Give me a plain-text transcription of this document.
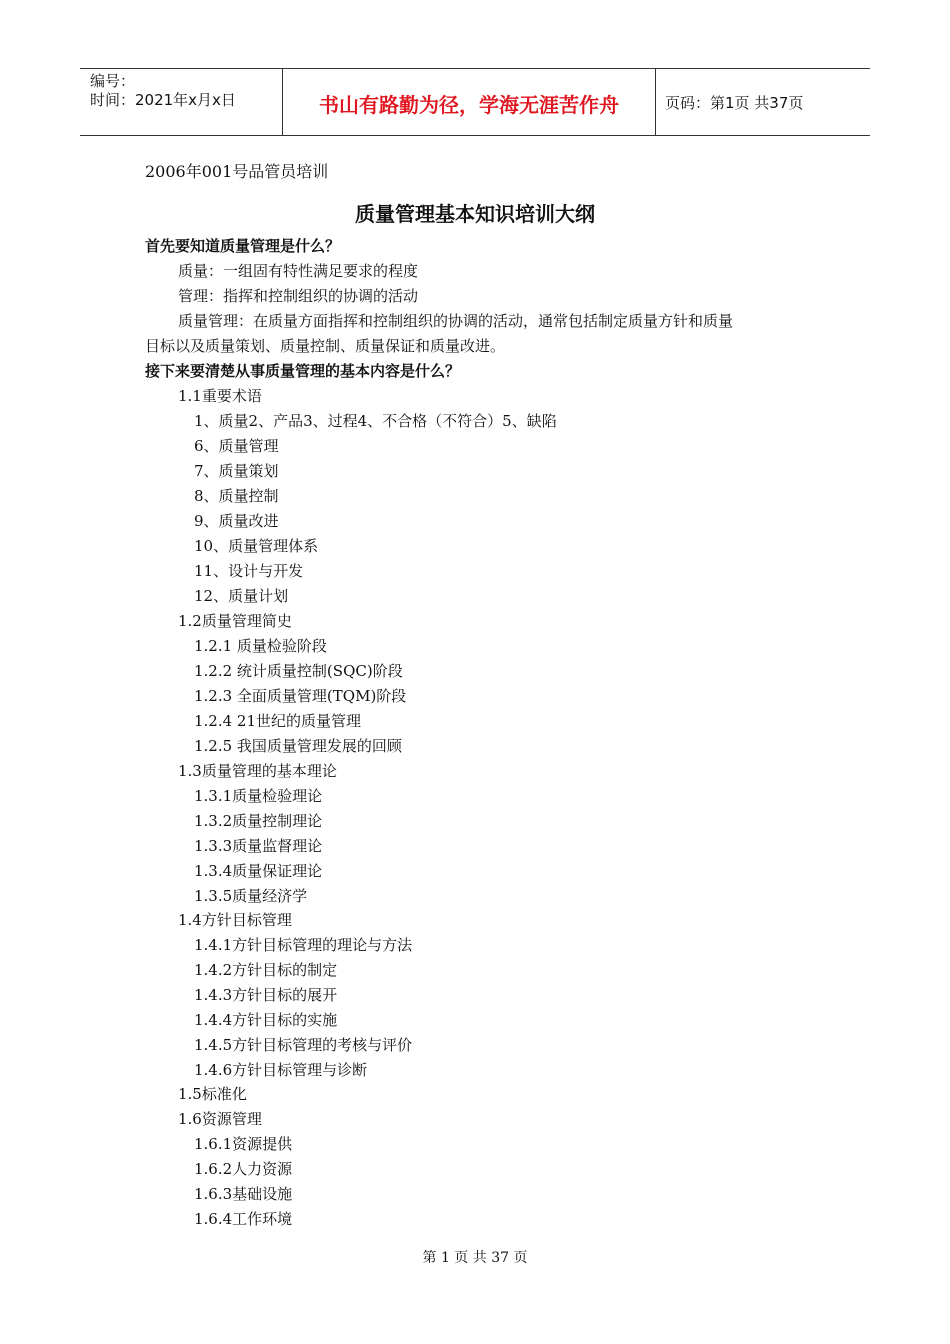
编号：
时间：2021年x月x日	书山有路勤为径，学海无涯苦作舟	页码：第1页 共37页
2006年001号品管员培训
质量管理基本知识培训大纲
首先要知道质量管理是什么？
质量：一组固有特性满足要求的程度
管理：指挥和控制组织的协调的活动
质量管理：在质量方面指挥和控制组织的协调的活动，通常包括制定质量方针和质量
目标以及质量策划、质量控制、质量保证和质量改进。
接下来要清楚从事质量管理的基本内容是什么？
1.1重要术语
1、质量2、产品3、过程4、不合格（不符合）5、缺陷
6、质量管理
7、质量策划
8、质量控制
9、质量改进
10、质量管理体系
11、设计与开发
12、质量计划
1.2质量管理简史
1.2.1 质量检验阶段
1.2.2 统计质量控制(SQC)阶段
1.2.3 全面质量管理(TQM)阶段
1.2.4 21世纪的质量管理
1.2.5 我国质量管理发展的回顾
1.3质量管理的基本理论
1.3.1质量检验理论
1.3.2质量控制理论
1.3.3质量监督理论
1.3.4质量保证理论
1.3.5质量经济学
1.4方针目标管理
1.4.1方针目标管理的理论与方法
1.4.2方针目标的制定
1.4.3方针目标的展开
1.4.4方针目标的实施
1.4.5方针目标管理的考核与评价
1.4.6方针目标管理与诊断
1.5标准化
1.6资源管理
1.6.1资源提供
1.6.2人力资源
1.6.3基础设施
1.6.4工作环境
第 1 页 共 37 页
